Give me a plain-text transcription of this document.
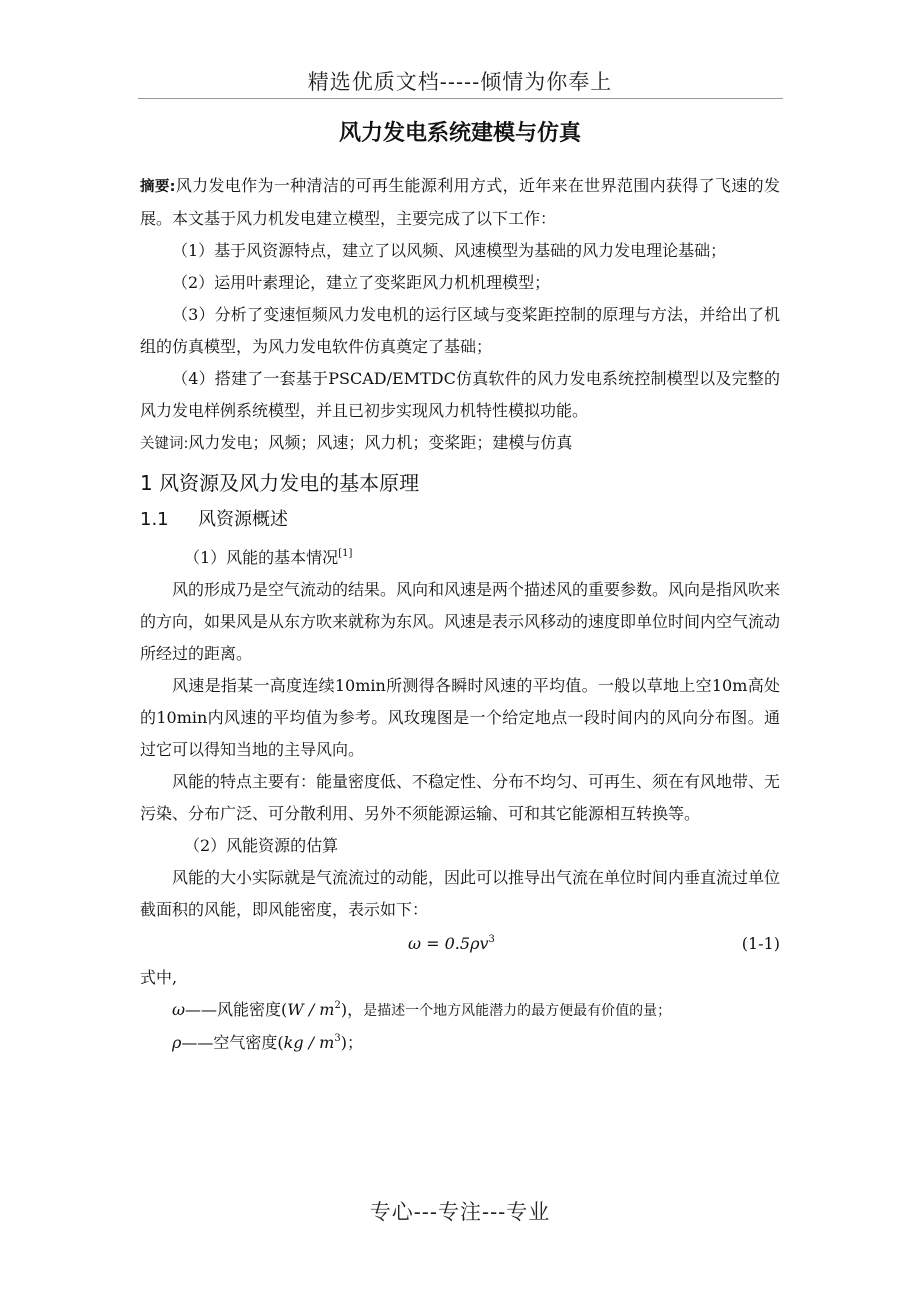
精选优质文档-----倾情为你奉上
风力发电系统建模与仿真

摘要:风力发电作为一种清洁的可再生能源利用方式，近年来在世界范围内获得了飞速的发展。本文基于风力机发电建立模型，主要完成了以下工作：

（1）基于风资源特点，建立了以风频、风速模型为基础的风力发电理论基础；

（2）运用叶素理论，建立了变桨距风力机机理模型；

（3）分析了变速恒频风力发电机的运行区域与变桨距控制的原理与方法，并给出了机组的仿真模型，为风力发电软件仿真奠定了基础；

（4）搭建了一套基于PSCAD/EMTDC仿真软件的风力发电系统控制模型以及完整的风力发电样例系统模型，并且已初步实现风力机特性模拟功能。

关键词:风力发电；风频；风速；风力机；变桨距；建模与仿真

1 风资源及风力发电的基本原理
1.1 风资源概述

（1）风能的基本情况[1]

风的形成乃是空气流动的结果。风向和风速是两个描述风的重要参数。风向是指风吹来的方向，如果风是从东方吹来就称为东风。风速是表示风移动的速度即单位时间内空气流动所经过的距离。

风速是指某一高度连续10min所测得各瞬时风速的平均值。一般以草地上空10m高处的10min内风速的平均值为参考。风玫瑰图是一个给定地点一段时间内的风向分布图。通过它可以得知当地的主导风向。

风能的特点主要有：能量密度低、不稳定性、分布不均匀、可再生、须在有风地带、无污染、分布广泛、可分散利用、另外不须能源运输、可和其它能源相互转换等。

（2）风能资源的估算

风能的大小实际就是气流流过的动能，因此可以推导出气流在单位时间内垂直流过单位截面积的风能，即风能密度，表示如下：

$\omega = 0.5\rho v^3$	(1-1)

式中,

ω——风能密度$(W / m^2)$，是描述一个地方风能潜力的最方便最有价值的量；

ρ——空气密度$(kg / m^3)$；

专心---专注---专业
